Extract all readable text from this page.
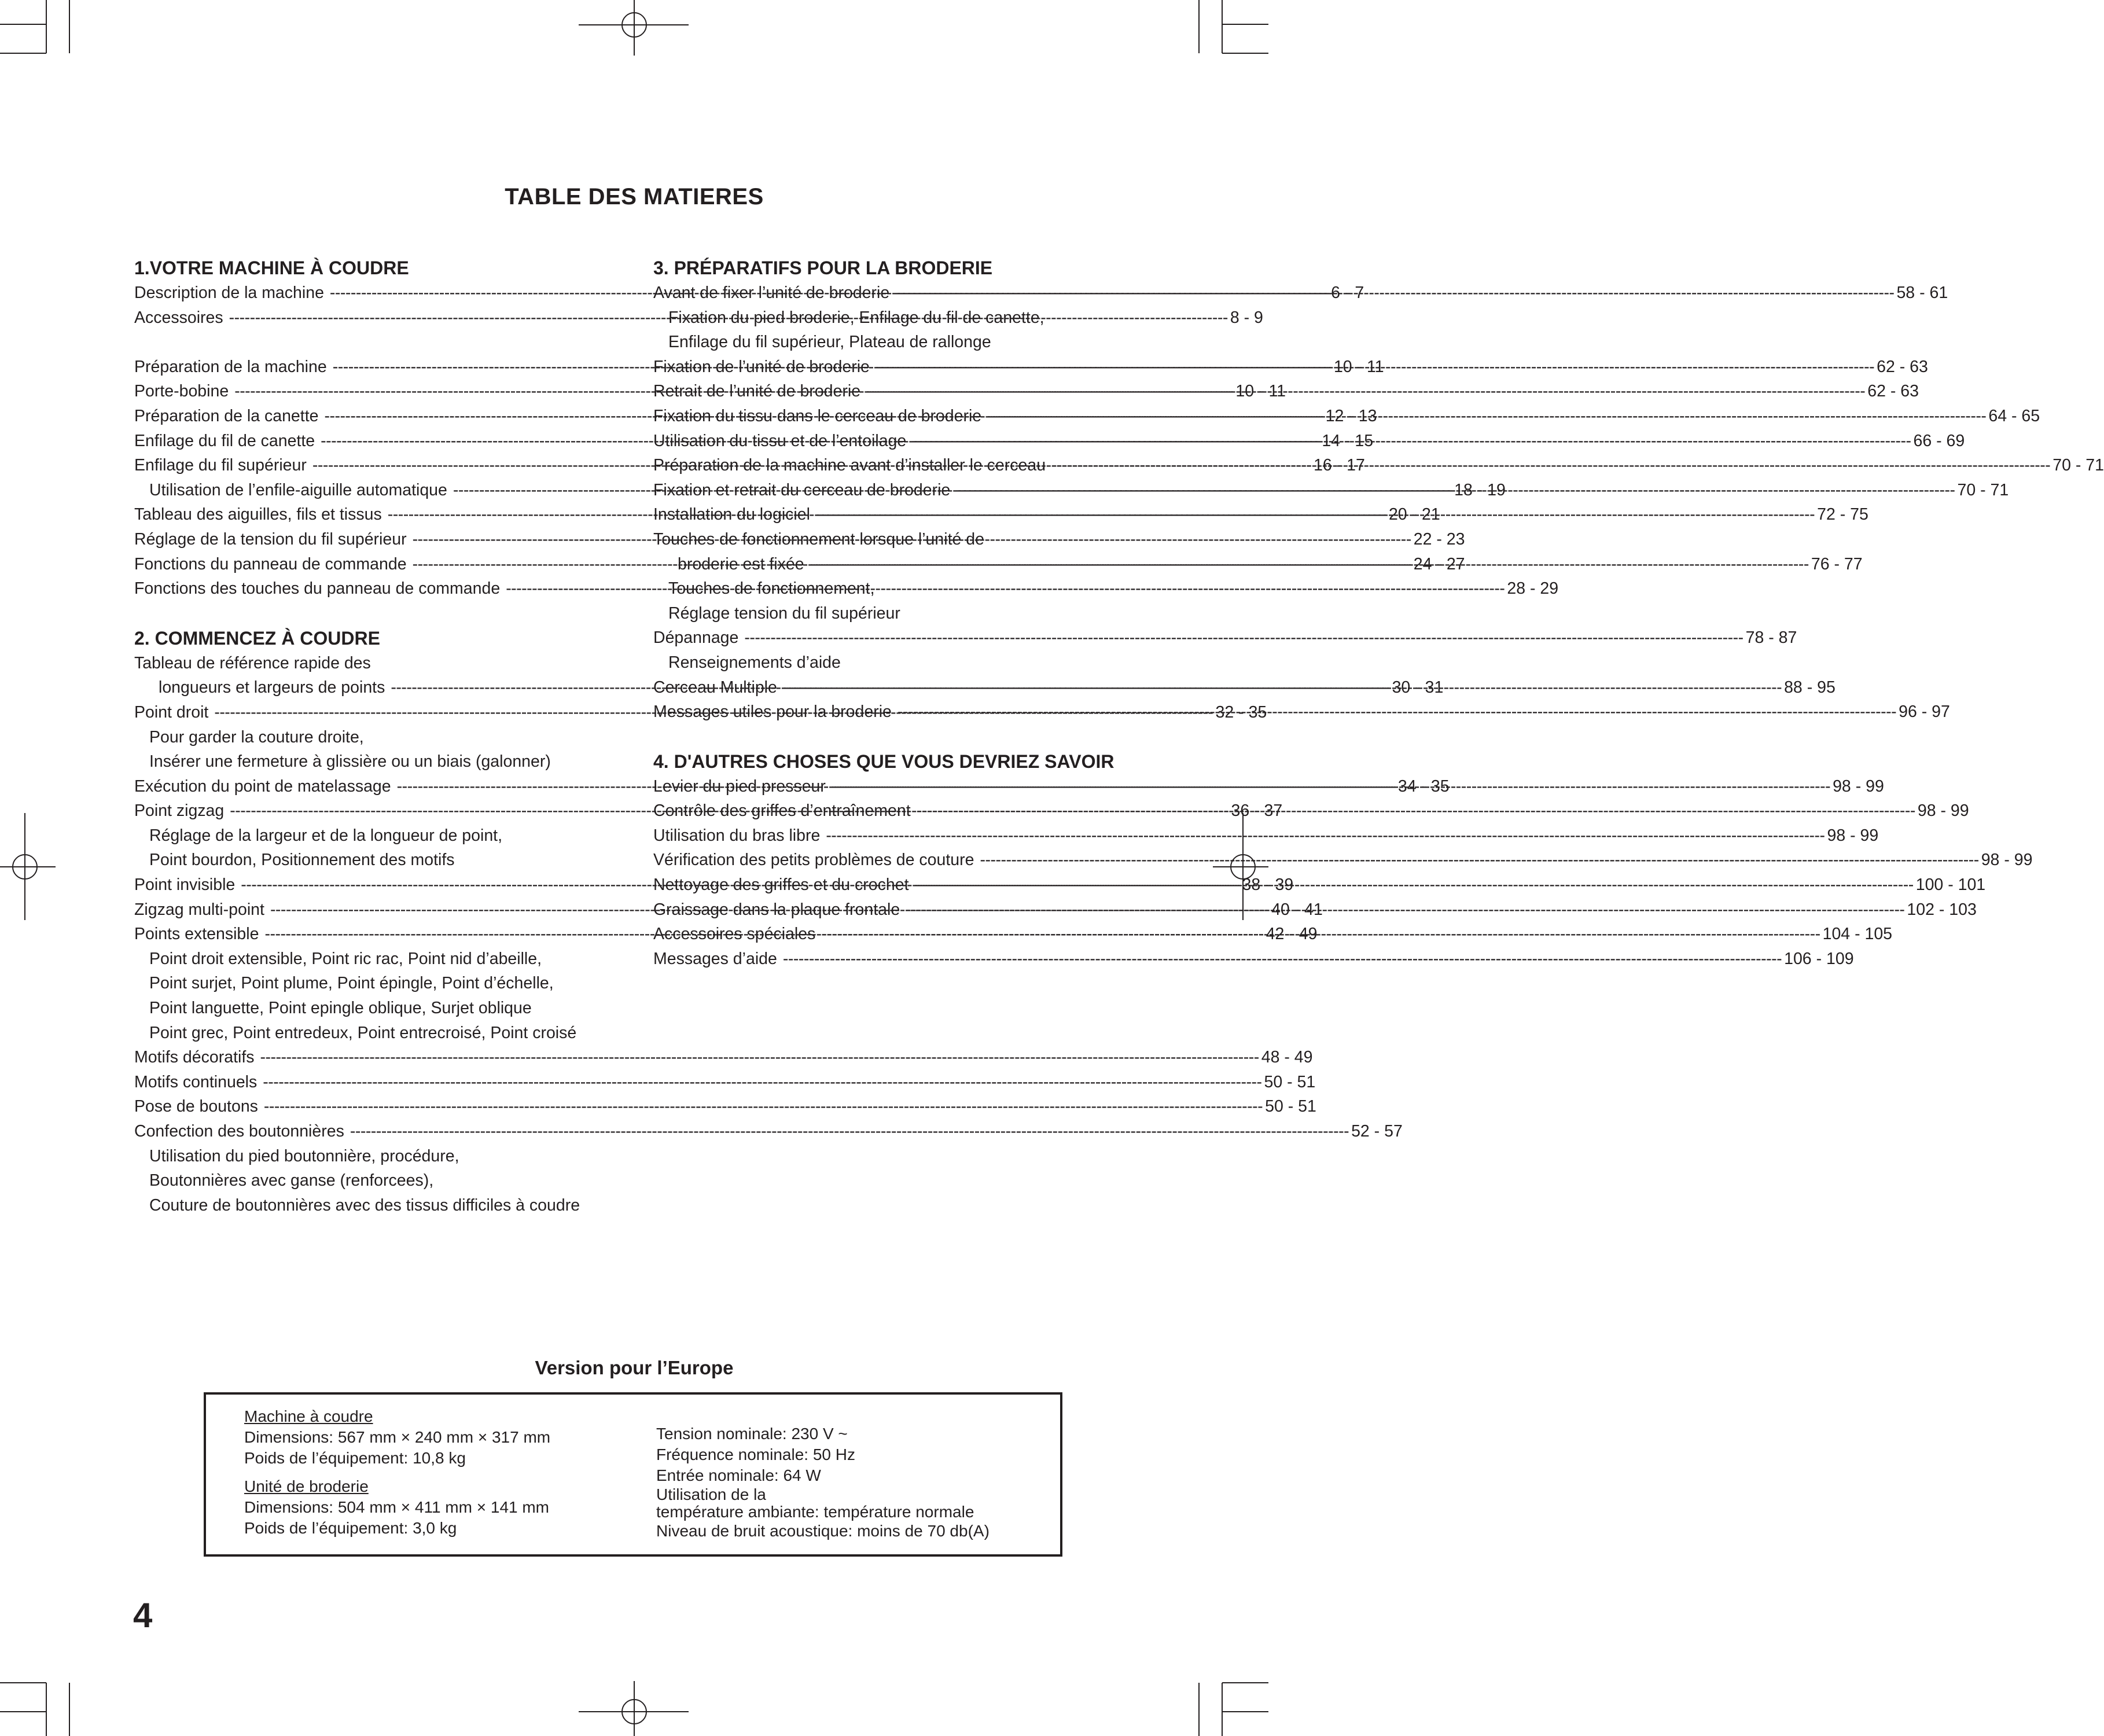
TABLE DES MATIERES
1.VOTRE MACHINE À COUDRE
Description de la machine -----	6 - 7
Accessoires -----	8 - 9
Préparation de la machine -----	10 - 11
Porte-bobine -----	10 - 11
Préparation de la canette -----	12 - 13
Enfilage du fil de canette -----	14 - 15
Enfilage du fil supérieur -----	16 - 17
Utilisation de l’enfile-aiguille automatique -----	18 - 19
Tableau des aiguilles, fils et tissus -----	20 - 21
Réglage de la tension du fil supérieur -----	22 - 23
Fonctions du panneau de commande -----	24 - 27
Fonctions des touches du panneau de commande -----	28 - 29
2. COMMENCEZ À COUDRE
Tableau de référence rapide des
longueurs et largeurs de points -----	30 - 31
Point droit -----	32 - 35
Pour garder la couture droite,
Insérer une fermeture à glissière ou un biais (galonner)
Exécution du point de matelassage -----	34 - 35
Point zigzag -----	36 - 37
Réglage de la largeur et de la longueur de point,
Point bourdon, Positionnement des motifs
Point invisible -----	38 - 39
Zigzag multi-point -----	40 - 41
Points extensible -----	42 - 49
Point droit extensible, Point ric rac, Point nid d’abeille,
Point surjet, Point plume, Point épingle, Point d’échelle,
Point languette, Point epingle oblique, Surjet oblique
Point grec, Point entredeux, Point entrecroisé, Point croisé
Motifs décoratifs -----	48 - 49
Motifs continuels -----	50 - 51
Pose de boutons -----	50 - 51
Confection des boutonnières -----	52 - 57
Utilisation du pied boutonnière, procédure,
Boutonnières avec ganse (renforcees),
Couture de boutonnières avec des tissus difficiles à coudre
3. PRÉPARATIFS POUR LA BRODERIE
Avant de fixer l’unité de broderie -----	58 - 61
Fixation du pied broderie, Enfilage du fil de canette,
Enfilage du fil supérieur, Plateau de rallonge
Fixation de l’unité de broderie -----	62 - 63
Retrait de l’unité de broderie -----	62 - 63
Fixation du tissu dans le cerceau de broderie -----	64 - 65
Utilisation du tissu et de l’entoilage -----	66 - 69
Préparation de la machine avant d’installer le cerceau -----	70 - 71
Fixation et retrait du cerceau de broderie -----	70 - 71
Installation du logiciel -----	72 - 75
Touches de fonctionnement lorsque l’unité de
broderie est fixée -----	76 - 77
Touches de fonctionnement,
Réglage tension du fil supérieur
Dépannage -----	78 - 87
Renseignements d’aide
Cerceau Multiple -----	88 - 95
Messages utiles pour la broderie -----	96 - 97
4. D'AUTRES CHOSES QUE VOUS DEVRIEZ SAVOIR
Levier du pied presseur -----	98 - 99
Contrôle des griffes d’entraînement -----	98 - 99
Utilisation du bras libre -----	98 - 99
Vérification des petits problèmes de couture -----	98 - 99
Nettoyage des griffes et du crochet -----	100 - 101
Graissage dans la plaque frontale -----	102 - 103
Accessoires spéciales -----	104 - 105
Messages d’aide -----	106 - 109
Version pour l’Europe
Machine à coudre
Dimensions: 567 mm × 240 mm × 317 mm
Poids de l’équipement: 10,8 kg
Unité de broderie
Dimensions: 504 mm × 411 mm × 141 mm
Poids de l’équipement: 3,0 kg
Tension nominale: 230 V ~
Fréquence nominale: 50 Hz
Entrée nominale: 64 W
Utilisation de la
température ambiante: température normale
Niveau de bruit acoustique: moins de 70 db(A)
4
